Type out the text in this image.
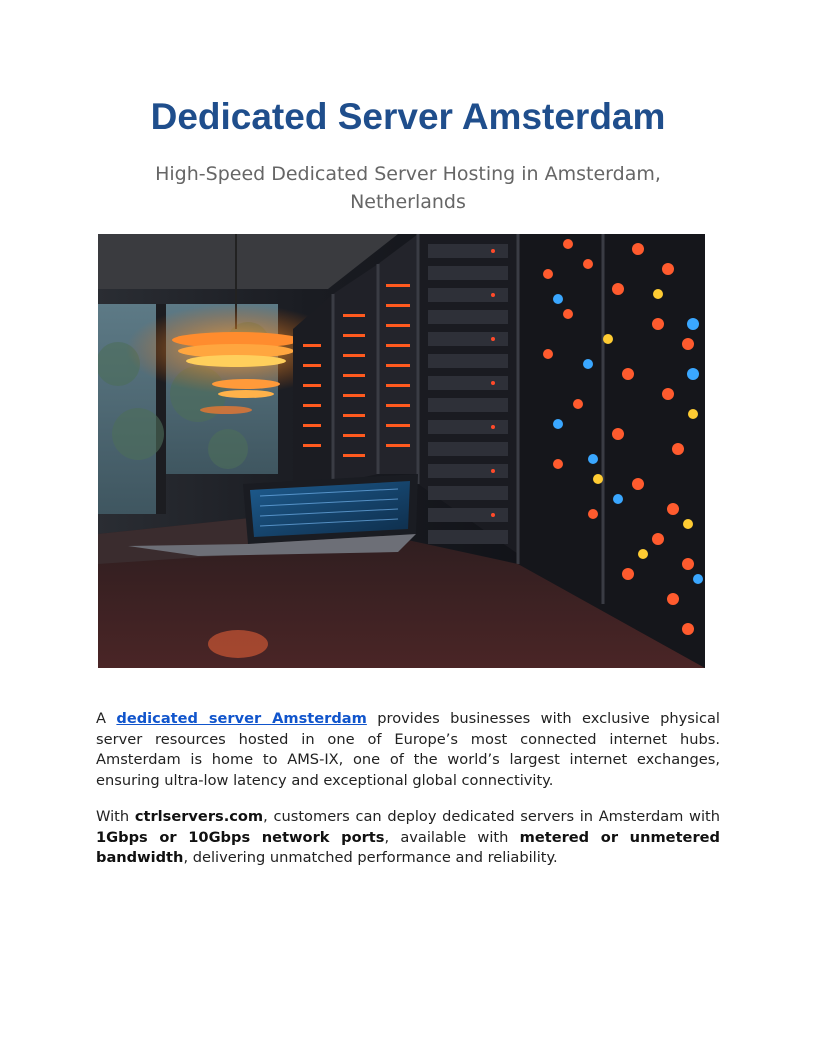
Dedicated Server Amsterdam

High-Speed Dedicated Server Hosting in Amsterdam, Netherlands

A dedicated server Amsterdam provides businesses with exclusive physical server resources hosted in one of Europe’s most connected internet hubs. Amsterdam is home to AMS-IX, one of the world’s largest internet exchanges, ensuring ultra-low latency and exceptional global connectivity.

With ctrlservers.com, customers can deploy dedicated servers in Amsterdam with 1Gbps or 10Gbps network ports, available with metered or unmetered bandwidth, delivering unmatched performance and reliability.
